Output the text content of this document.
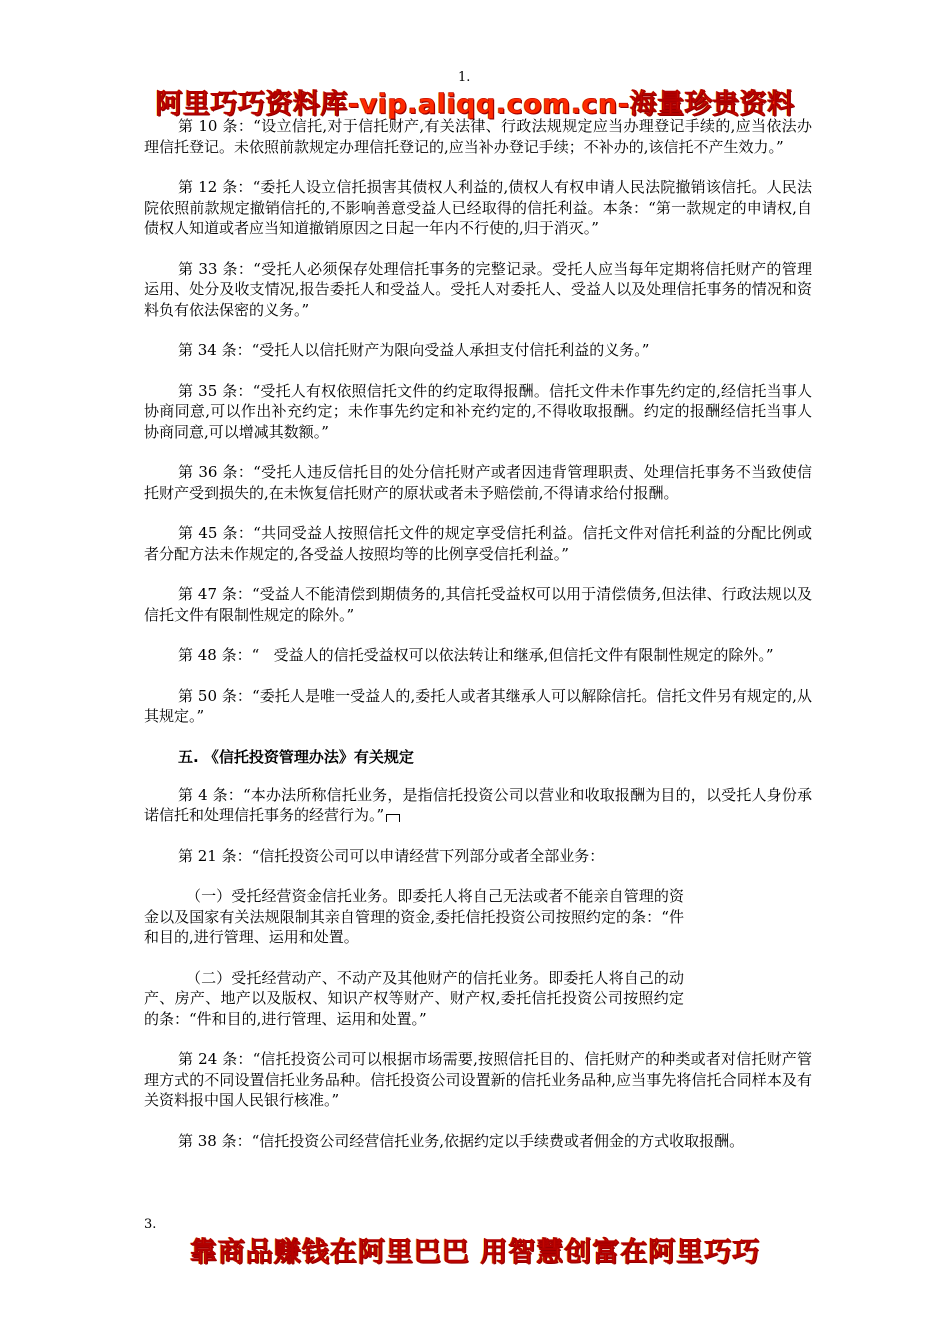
1.
阿里巧巧资料库-vip.aliqq.com.cn-海量珍贵资料

第 10 条：“设立信托,对于信托财产,有关法律、行政法规规定应当办理登记手续的,应当依法办理信托登记。未依照前款规定办理信托登记的,应当补办登记手续；不补办的,该信托不产生效力。”

第 12 条：“委托人设立信托损害其债权人利益的,债权人有权申请人民法院撤销该信托。人民法院依照前款规定撤销信托的,不影响善意受益人已经取得的信托利益。本条：“第一款规定的申请权,自债权人知道或者应当知道撤销原因之日起一年内不行使的,归于消灭。”

第 33 条：“受托人必须保存处理信托事务的完整记录。受托人应当每年定期将信托财产的管理运用、处分及收支情况,报告委托人和受益人。受托人对委托人、受益人以及处理信托事务的情况和资料负有依法保密的义务。”

第 34 条：“受托人以信托财产为限向受益人承担支付信托利益的义务。”

第 35 条：“受托人有权依照信托文件的约定取得报酬。信托文件未作事先约定的,经信托当事人协商同意,可以作出补充约定；未作事先约定和补充约定的,不得收取报酬。约定的报酬经信托当事人协商同意,可以增减其数额。”

第 36 条：“受托人违反信托目的处分信托财产或者因违背管理职责、处理信托事务不当致使信托财产受到损失的,在未恢复信托财产的原状或者未予赔偿前,不得请求给付报酬。

第 45 条：“共同受益人按照信托文件的规定享受信托利益。信托文件对信托利益的分配比例或者分配方法未作规定的,各受益人按照均等的比例享受信托利益。”

第 47 条：“受益人不能清偿到期债务的,其信托受益权可以用于清偿债务,但法律、行政法规以及信托文件有限制性规定的除外。”

第 48 条：“   受益人的信托受益权可以依法转让和继承,但信托文件有限制性规定的除外。”

第 50 条：“委托人是唯一受益人的,委托人或者其继承人可以解除信托。信托文件另有规定的,从其规定。”

五. 《信托投资管理办法》有关规定

第 4 条：“本办法所称信托业务，是指信托投资公司以营业和收取报酬为目的，以受托人身份承诺信托和处理信托事务的经营行为。”

第 21 条：“信托投资公司可以申请经营下列部分或者全部业务：

（一）受托经营资金信托业务。即委托人将自己无法或者不能亲自管理的资金以及国家有关法规限制其亲自管理的资金,委托信托投资公司按照约定的条：“件和目的,进行管理、运用和处置。

（二）受托经营动产、不动产及其他财产的信托业务。即委托人将自己的动产、房产、地产以及版权、知识产权等财产、财产权,委托信托投资公司按照约定的条：“件和目的,进行管理、运用和处置。”

第 24 条：“信托投资公司可以根据市场需要,按照信托目的、信托财产的种类或者对信托财产管理方式的不同设置信托业务品种。信托投资公司设置新的信托业务品种,应当事先将信托合同样本及有关资料报中国人民银行核准。”

第 38 条：“信托投资公司经营信托业务,依据约定以手续费或者佣金的方式收取报酬。

3.
靠商品赚钱在阿里巴巴 用智慧创富在阿里巧巧
